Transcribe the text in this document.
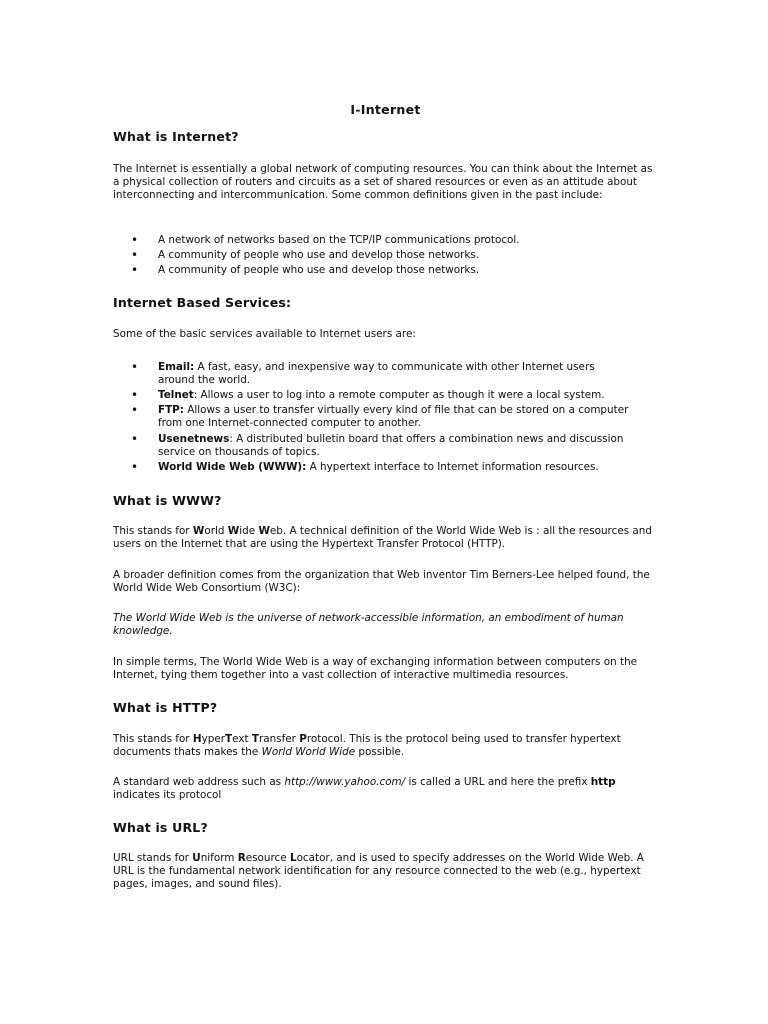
I-Internet
What is Internet?

The Internet is essentially a global network of computing resources. You can think about the Internet as a physical collection of routers and circuits as a set of shared resources or even as an attitude about interconnecting and intercommunication. Some common definitions given in the past include:

• A network of networks based on the TCP/IP communications protocol.
• A community of people who use and develop those networks.
• A community of people who use and develop those networks.
Internet Based Services:

Some of the basic services available to Internet users are:

• Email: A fast, easy, and inexpensive way to communicate with other Internet users around the world.
• Telnet: Allows a user to log into a remote computer as though it were a local system.
• FTP: Allows a user to transfer virtually every kind of file that can be stored on a computer from one Internet-connected computer to another.
• Usenetnews: A distributed bulletin board that offers a combination news and discussion service on thousands of topics.
• World Wide Web (WWW): A hypertext interface to Internet information resources.
What is WWW?

This stands for World Wide Web. A technical definition of the World Wide Web is : all the resources and users on the Internet that are using the Hypertext Transfer Protocol (HTTP).

A broader definition comes from the organization that Web inventor Tim Berners-Lee helped found, the World Wide Web Consortium (W3C):

The World Wide Web is the universe of network-accessible information, an embodiment of human knowledge.

In simple terms, The World Wide Web is a way of exchanging information between computers on the Internet, tying them together into a vast collection of interactive multimedia resources.

What is HTTP?

This stands for HyperText Transfer Protocol. This is the protocol being used to transfer hypertext documents thats makes the World World Wide possible.

A standard web address such as http://www.yahoo.com/ is called a URL and here the prefix http indicates its protocol

What is URL?

URL stands for Uniform Resource Locator, and is used to specify addresses on the World Wide Web. A URL is the fundamental network identification for any resource connected to the web (e.g., hypertext pages, images, and sound files).
